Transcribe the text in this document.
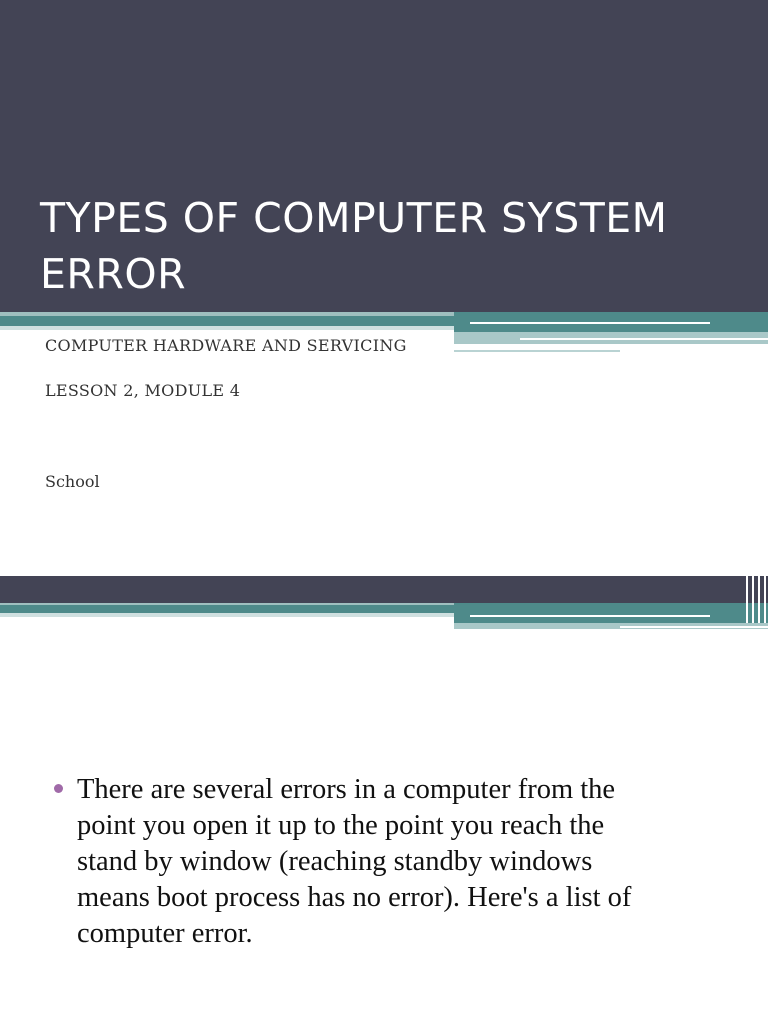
TYPES OF COMPUTER SYSTEM ERROR

COMPUTER HARDWARE AND SERVICING

LESSON 2, MODULE 4

School

There are several errors in a computer from the
point you open it up to the point you reach the
stand by window (reaching standby windows
means boot process has no error). Here's a list of
computer error.
